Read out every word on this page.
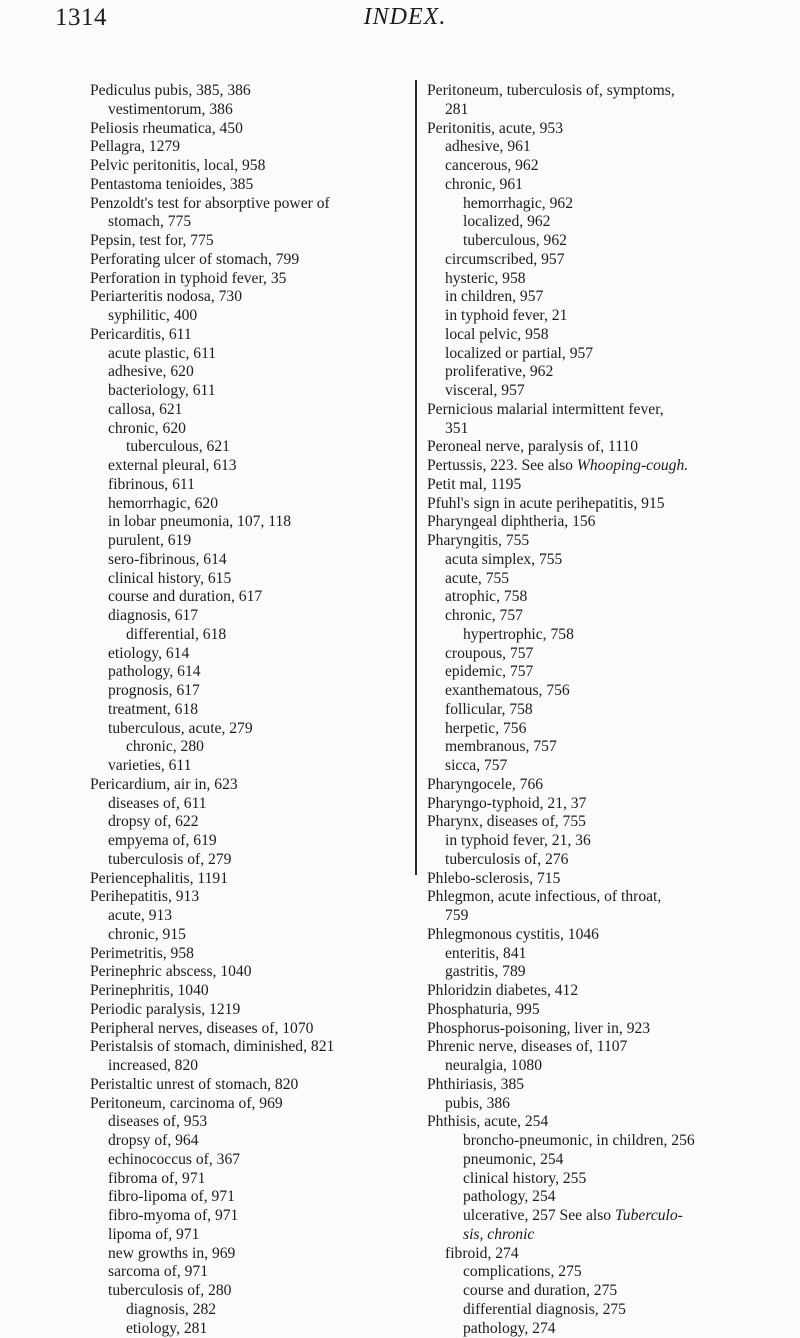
1314	INDEX.

Pediculus pubis, 385, 386

vestimentorum, 386

Peliosis rheumatica, 450

Pellagra, 1279

Pelvic peritonitis, local, 958

Pentastoma tenioides, 385

Penzoldt's test for absorptive power of

stomach, 775

Pepsin, test for, 775

Perforating ulcer of stomach, 799

Perforation in typhoid fever, 35

Periarteritis nodosa, 730

syphilitic, 400

Pericarditis, 611

acute plastic, 611

adhesive, 620

bacteriology, 611

callosa, 621

chronic, 620

tuberculous, 621

external pleural, 613

fibrinous, 611

hemorrhagic, 620

in lobar pneumonia, 107, 118

purulent, 619

sero-fibrinous, 614

clinical history, 615

course and duration, 617

diagnosis, 617

differential, 618

etiology, 614

pathology, 614

prognosis, 617

treatment, 618

tuberculous, acute, 279

chronic, 280

varieties, 611

Pericardium, air in, 623

diseases of, 611

dropsy of, 622

empyema of, 619

tuberculosis of, 279

Periencephalitis, 1191

Perihepatitis, 913

acute, 913

chronic, 915

Perimetritis, 958

Perinephric abscess, 1040

Perinephritis, 1040

Periodic paralysis, 1219

Peripheral nerves, diseases of, 1070

Peristalsis of stomach, diminished, 821

increased, 820

Peristaltic unrest of stomach, 820

Peritoneum, carcinoma of, 969

diseases of, 953

dropsy of, 964

echinococcus of, 367

fibroma of, 971

fibro-lipoma of, 971

fibro-myoma of, 971

lipoma of, 971

new growths in, 969

sarcoma of, 971

tuberculosis of, 280

diagnosis, 282

etiology, 281

Peritoneum, tuberculosis of, symptoms,

281

Peritonitis, acute, 953

adhesive, 961

cancerous, 962

chronic, 961

hemorrhagic, 962

localized, 962

tuberculous, 962

circumscribed, 957

hysteric, 958

in children, 957

in typhoid fever, 21

local pelvic, 958

localized or partial, 957

proliferative, 962

visceral, 957

Pernicious malarial intermittent fever,

351

Peroneal nerve, paralysis of, 1110

Pertussis, 223. See also Whooping-cough.

Petit mal, 1195

Pfuhl's sign in acute perihepatitis, 915

Pharyngeal diphtheria, 156

Pharyngitis, 755

acuta simplex, 755

acute, 755

atrophic, 758

chronic, 757

hypertrophic, 758

croupous, 757

epidemic, 757

exanthematous, 756

follicular, 758

herpetic, 756

membranous, 757

sicca, 757

Pharyngocele, 766

Pharyngo-typhoid, 21, 37

Pharynx, diseases of, 755

in typhoid fever, 21, 36

tuberculosis of, 276

Phlebo-sclerosis, 715

Phlegmon, acute infectious, of throat,

759

Phlegmonous cystitis, 1046

enteritis, 841

gastritis, 789

Phloridzin diabetes, 412

Phosphaturia, 995

Phosphorus-poisoning, liver in, 923

Phrenic nerve, diseases of, 1107

neuralgia, 1080

Phthiriasis, 385

pubis, 386

Phthisis, acute, 254

broncho-pneumonic, in children, 256

pneumonic, 254

clinical history, 255

pathology, 254

ulcerative, 257 See also Tuberculo-

sis, chronic

fibroid, 274

complications, 275

course and duration, 275

differential diagnosis, 275

pathology, 274
